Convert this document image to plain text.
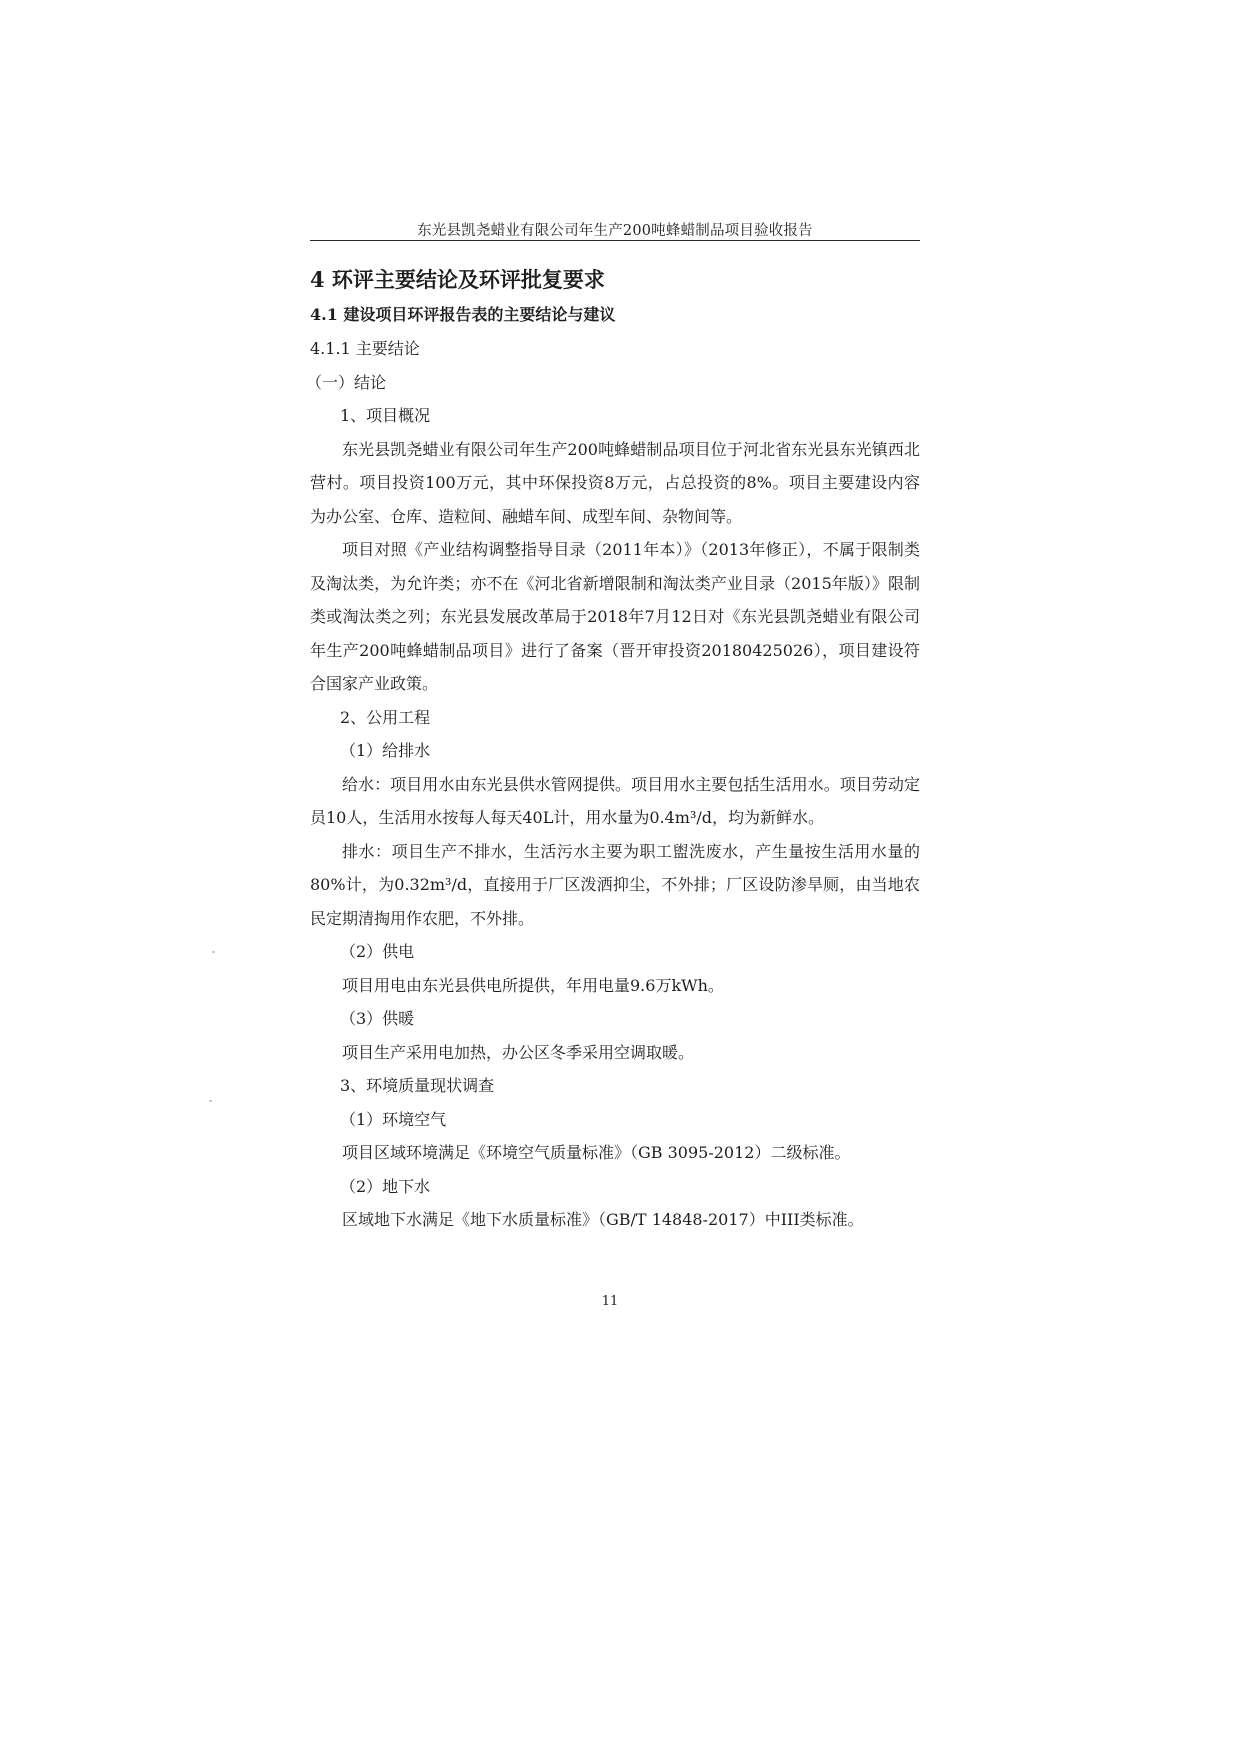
东光县凯尧蜡业有限公司年生产200吨蜂蜡制品项目验收报告

4 环评主要结论及环评批复要求

4.1 建设项目环评报告表的主要结论与建议

4.1.1 主要结论

（一）结论

1、项目概况

东光县凯尧蜡业有限公司年生产200吨蜂蜡制品项目位于河北省东光县东光镇西北营村。项目投资100万元，其中环保投资8万元，占总投资的8%。项目主要建设内容为办公室、仓库、造粒间、融蜡车间、成型车间、杂物间等。

项目对照《产业结构调整指导目录（2011年本）》（2013年修正），不属于限制类及淘汰类，为允许类；亦不在《河北省新增限制和淘汰类产业目录（2015年版）》限制类或淘汰类之列；东光县发展改革局于2018年7月12日对《东光县凯尧蜡业有限公司年生产200吨蜂蜡制品项目》进行了备案（晋开审投资20180425026），项目建设符合国家产业政策。

2、公用工程

（1）给排水

给水：项目用水由东光县供水管网提供。项目用水主要包括生活用水。项目劳动定员10人，生活用水按每人每天40L计，用水量为0.4m³/d，均为新鲜水。

排水：项目生产不排水，生活污水主要为职工盥洗废水，产生量按生活用水量的80%计，为0.32m³/d，直接用于厂区泼洒抑尘，不外排；厂区设防渗旱厕，由当地农民定期清掏用作农肥，不外排。

（2）供电

项目用电由东光县供电所提供，年用电量9.6万kWh。

（3）供暖

项目生产采用电加热，办公区冬季采用空调取暖。

3、环境质量现状调查

（1）环境空气

项目区域环境满足《环境空气质量标准》（GB 3095-2012）二级标准。

（2）地下水

区域地下水满足《地下水质量标准》（GB/T 14848-2017）中III类标准。

11
